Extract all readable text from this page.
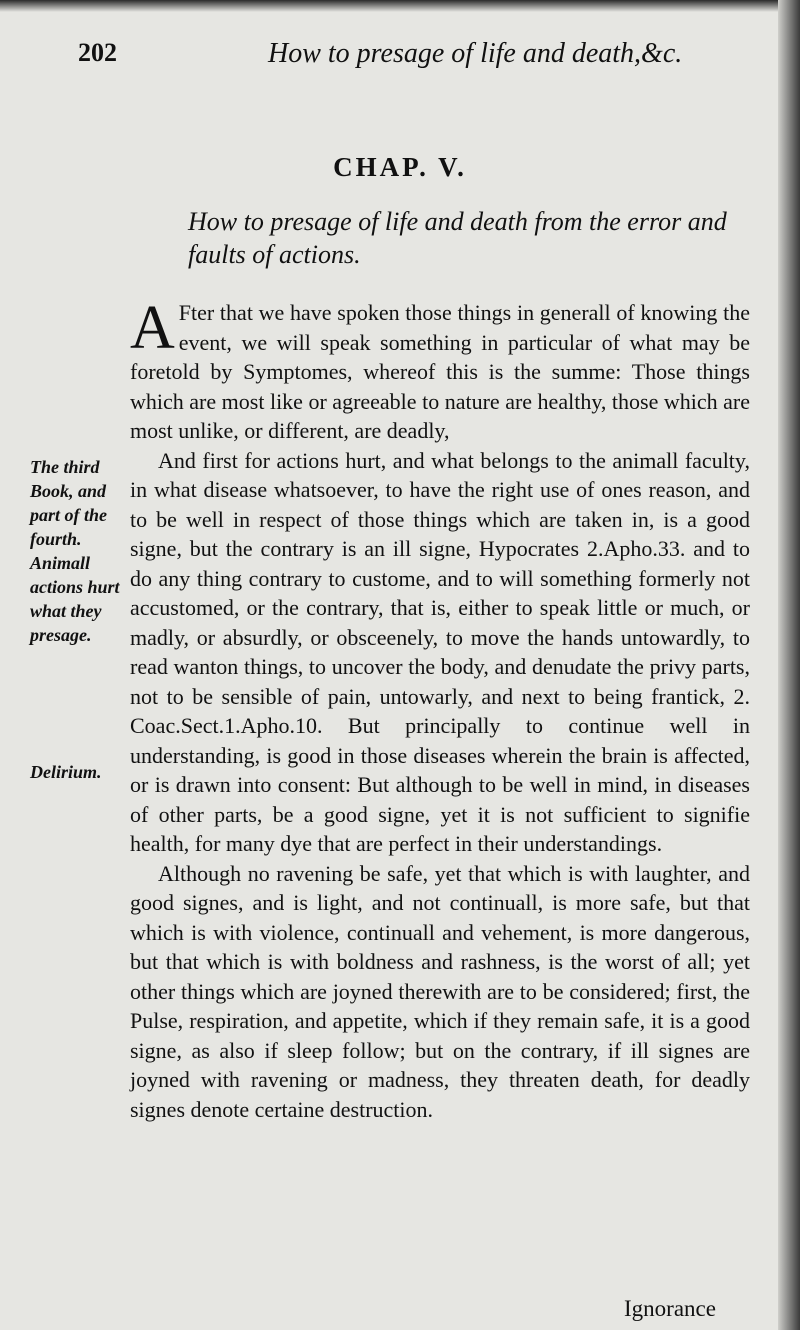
202	How to presage of life and death,&c.
CHAP. V.
How to presage of life and death from the error and faults of actions.
The third Book, and part of the fourth.
Animall actions hurt what they presage.
Delirium.

A Fter that we have spoken those things in generall of knowing the event, we will speak something in particular of what may be foretold by Symptomes, whereof this is the summe: Those things which are most like or agreeable to nature are healthy, those which are most unlike, or different, are deadly,

And first for actions hurt, and what belongs to the animall faculty, in what disease whatsoever, to have the right use of ones reason, and to be well in respect of those things which are taken in, is a good signe, but the contrary is an ill signe, Hypocrates 2.Apho.33. and to do any thing contrary to custome, and to will something formerly not accustomed, or the contrary, that is, either to speak little or much, or madly, or absurdly, or obsceenely, to move the hands untowardly, to read wanton things, to uncover the body, and denudate the privy parts, not to be sensible of pain, untowarly, and next to being frantick, 2. Coac.Sect.1.Apho.10. But principally to continue well in understanding, is good in those diseases wherein the brain is affected, or is drawn into consent: But although to be well in mind, in diseases of other parts, be a good signe, yet it is not sufficient to signifie health, for many dye that are perfect in their understandings.

Although no ravening be safe, yet that which is with laughter, and good signes, and is light, and not continuall, is more safe, but that which is with violence, continuall and vehement, is more dangerous, but that which is with boldness and rashness, is the worst of all; yet other things which are joyned therewith are to be considered; first, the Pulse, respiration, and appetite, which if they remain safe, it is a good signe, as also if sleep follow; but on the contrary, if ill signes are joyned with ravening or madness, they threaten death, for deadly signes denote certaine destruction.

Ignorance
